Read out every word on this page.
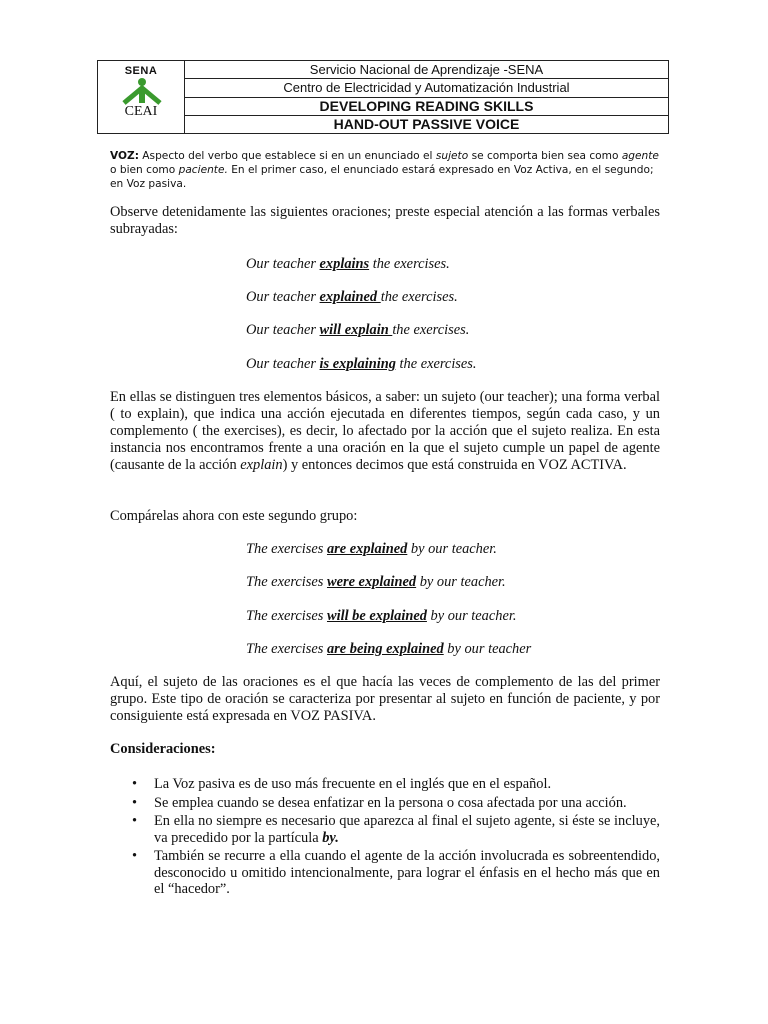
SENA
CEAI
Servicio Nacional de Aprendizaje -SENA
Centro de Electricidad y Automatización Industrial
DEVELOPING READING SKILLS
HAND-OUT PASSIVE VOICE
VOZ: Aspecto del verbo que establece si en un enunciado el sujeto se comporta bien sea como agente o bien como paciente. En el primer caso, el enunciado estará expresado en Voz Activa, en el segundo; en Voz pasiva.
Observe detenidamente las siguientes oraciones; preste especial atención a las formas verbales subrayadas:
Our teacher explains the exercises.
Our teacher explained the exercises.
Our teacher will explain the exercises.
Our teacher is explaining the exercises.
En ellas se distinguen tres elementos básicos, a saber: un sujeto (our teacher); una forma verbal ( to explain), que indica una acción ejecutada en diferentes tiempos, según cada caso, y un complemento ( the exercises), es decir, lo afectado por la acción que el sujeto realiza. En esta instancia nos encontramos frente a una oración en la que el sujeto cumple un papel de agente (causante de la acción explain) y entonces decimos que está construida en VOZ ACTIVA.
Compárelas ahora con este segundo grupo:
The exercises are explained by our teacher.
The exercises were explained by our teacher.
The exercises will be explained by our teacher.
The exercises are being explained by our teacher
Aquí, el sujeto de las oraciones es el que hacía las veces de complemento de las del primer grupo. Este tipo de oración se caracteriza por presentar al sujeto en función de paciente, y por consiguiente está expresada en VOZ PASIVA.
Consideraciones:
• La Voz pasiva es de uso más frecuente en el inglés que en el español.
• Se emplea cuando se desea enfatizar en la persona o cosa afectada por una acción.
• En ella no siempre es necesario que aparezca al final el sujeto agente, si éste se incluye, va precedido por la partícula by.
• También se recurre a ella cuando el agente de la acción involucrada es sobreentendido, desconocido u omitido intencionalmente, para lograr el énfasis en el hecho más que en el “hacedor”.
